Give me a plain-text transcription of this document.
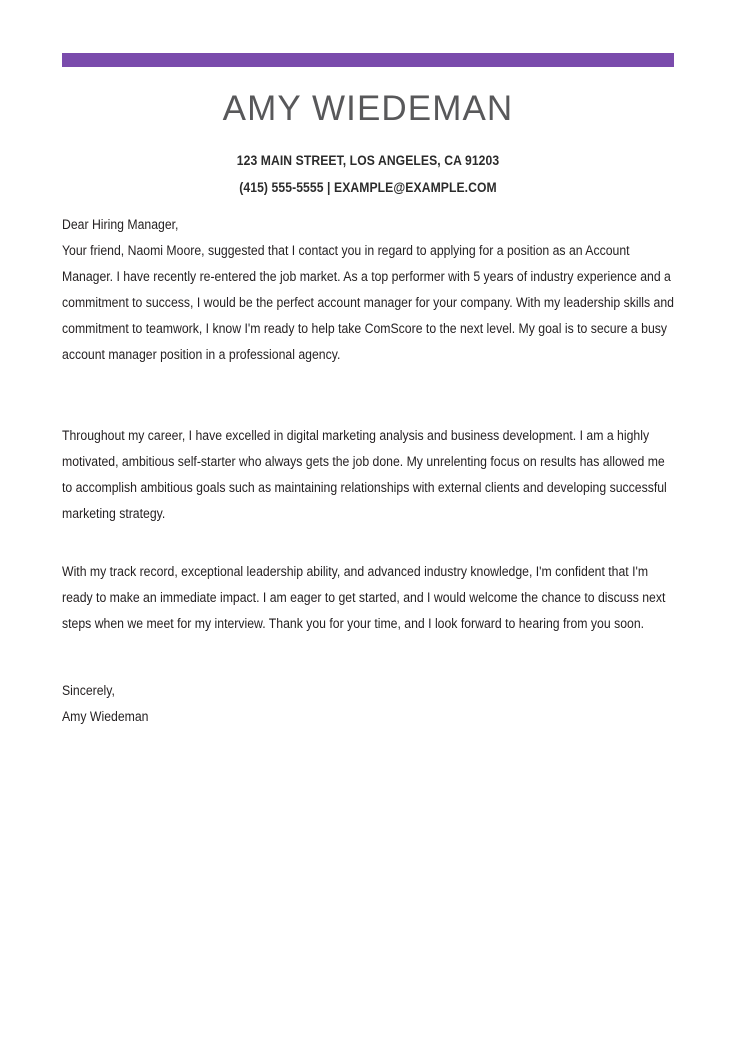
AMY WIEDEMAN

123 MAIN STREET, LOS ANGELES, CA 91203

(415) 555-5555 | EXAMPLE@EXAMPLE.COM

Dear Hiring Manager,

Your friend, Naomi Moore, suggested that I contact you in regard to applying for a position as an Account Manager. I have recently re-entered the job market. As a top performer with 5 years of industry experience and a commitment to success, I would be the perfect account manager for your company. With my leadership skills and commitment to teamwork, I know I'm ready to help take ComScore to the next level. My goal is to secure a busy account manager position in a professional agency.

Throughout my career, I have excelled in digital marketing analysis and business development. I am a highly motivated, ambitious self-starter who always gets the job done. My unrelenting focus on results has allowed me to accomplish ambitious goals such as maintaining relationships with external clients and developing successful marketing strategy.

With my track record, exceptional leadership ability, and advanced industry knowledge, I'm confident that I'm ready to make an immediate impact. I am eager to get started, and I would welcome the chance to discuss next steps when we meet for my interview. Thank you for your time, and I look forward to hearing from you soon.

Sincerely,

Amy Wiedeman
